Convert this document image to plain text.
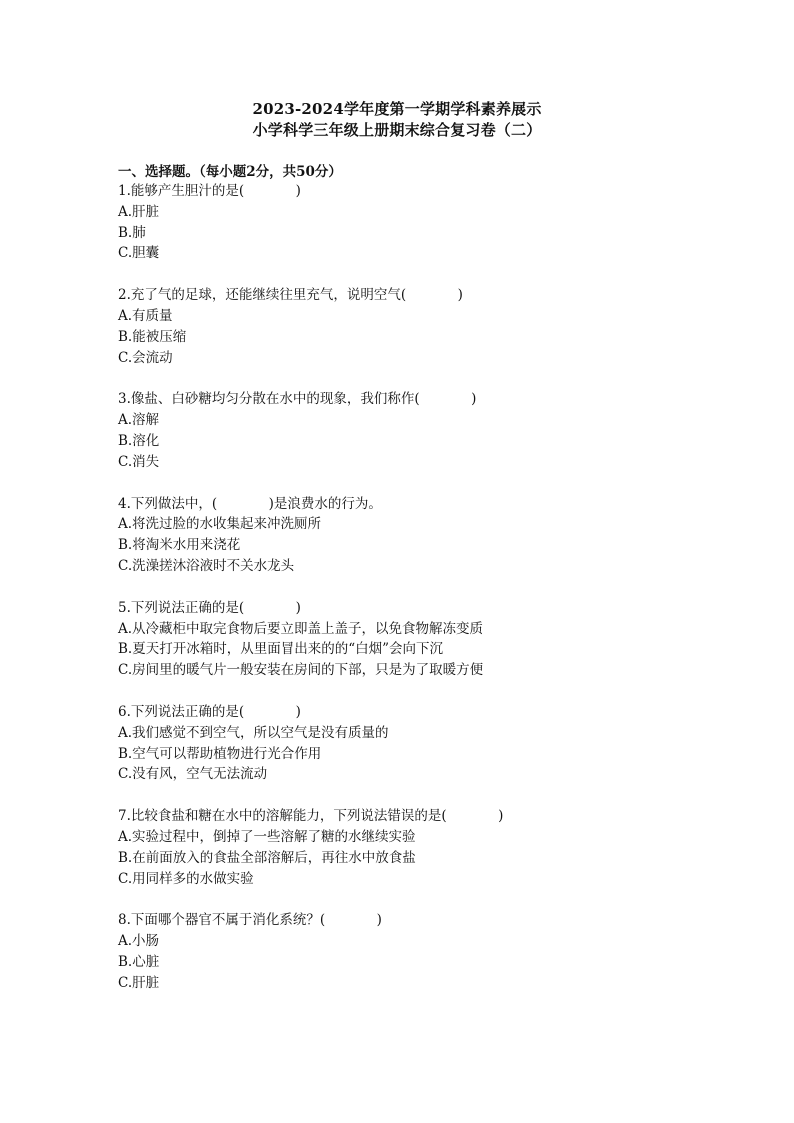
2023-2024学年度第一学期学科素养展示
小学科学三年级上册期末综合复习卷（二）
一、选择题。（每小题2分，共50分）
1.能够产生胆汁的是(            )
A.肝脏
B.肺
C.胆囊
2.充了气的足球，还能继续往里充气，说明空气(            )
A.有质量
B.能被压缩
C.会流动
3.像盐、白砂糖均匀分散在水中的现象，我们称作(            )
A.溶解
B.溶化
C.消失
4.下列做法中，(            )是浪费水的行为。
A.将洗过脸的水收集起来冲洗厕所
B.将淘米水用来浇花
C.洗澡搓沐浴液时不关水龙头
5.下列说法正确的是(            )
A.从冷藏柜中取完食物后要立即盖上盖子，以免食物解冻变质
B.夏天打开冰箱时，从里面冒出来的的“白烟”会向下沉
C.房间里的暖气片一般安装在房间的下部，只是为了取暖方便
6.下列说法正确的是(            )
A.我们感觉不到空气，所以空气是没有质量的
B.空气可以帮助植物进行光合作用
C.没有风，空气无法流动
7.比较食盐和糖在水中的溶解能力，下列说法错误的是(            )
A.实验过程中，倒掉了一些溶解了糖的水继续实验
B.在前面放入的食盐全部溶解后，再往水中放食盐
C.用同样多的水做实验
8.下面哪个器官不属于消化系统？(            )
A.小肠
B.心脏
C.肝脏
